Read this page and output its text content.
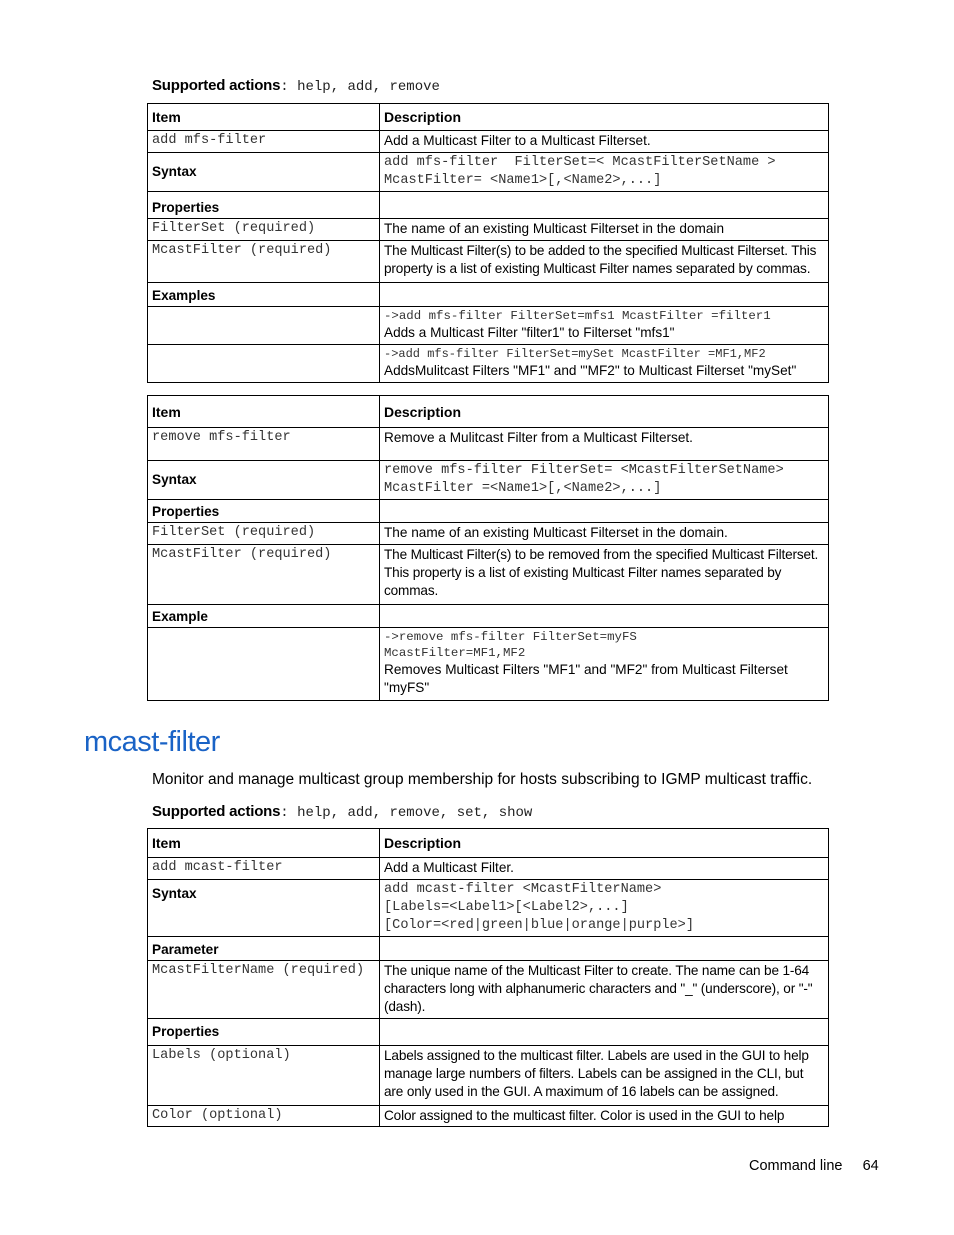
Supported actions: help, add, remove
Item	Description
add mfs-filter	Add a Multicast Filter to a Multicast Filterset.
Syntax	add mfs-filter  FilterSet=< McastFilterSetName >
McastFilter= <Name1>[,<Name2>,...]

Properties	
FilterSet (required)	The name of an existing Multicast Filterset in the domain
McastFilter (required)	The Multicast Filter(s) to be added to the specified Multicast Filterset. This property is a list of existing Multicast Filter names separated by commas.
Examples	

	->add mfs-filter FilterSet=mfs1 McastFilter =filter1
Adds a Multicast Filter "filter1" to Filterset "mfs1"

	->add mfs-filter FilterSet=mySet McastFilter =MF1,MF2
AddsMulitcast Filters "MF1" and "'MF2" to Multicast Filterset "mySet"
Item	Description
remove mfs-filter	Remove a Mulitcast Filter from a Multicast Filterset.
Syntax	remove mfs-filter FilterSet= <McastFilterSetName>
McastFilter =<Name1>[,<Name2>,...]

Properties	
FilterSet (required)	The name of an existing Multicast Filterset in the domain.
McastFilter (required)	The Multicast Filter(s) to be removed from the specified Multicast Filterset. This property is a list of existing Multicast Filter names separated by commas.
Example	

	->remove mfs-filter FilterSet=myFS
McastFilter=MF1,MF2
Removes Multicast Filters "MF1" and "MF2" from Multicast Filterset "myFS"
mcast-filter
Monitor and manage multicast group membership for hosts subscribing to IGMP multicast traffic.
Supported actions: help, add, remove, set, show
Item	Description
add mcast-filter	Add a Multicast Filter.
Syntax	add mcast-filter <McastFilterName>
[Labels=<Label1>[<Label2>,...]
[Color=<red|green|blue|orange|purple>]

Parameter	
McastFilterName (required)	The unique name of the Multicast Filter to create. The name can be 1-64 characters long with alphanumeric characters and "_" (underscore), or "-" (dash).
Properties	
Labels (optional)	Labels assigned to the multicast filter. Labels are used in the GUI to help manage large numbers of filters. Labels can be assigned in the CLI, but are only used in the GUI. A maximum of 16 labels can be assigned.
Color (optional)	Color assigned to the multicast filter. Color is used in the GUI to help
Command line 64
